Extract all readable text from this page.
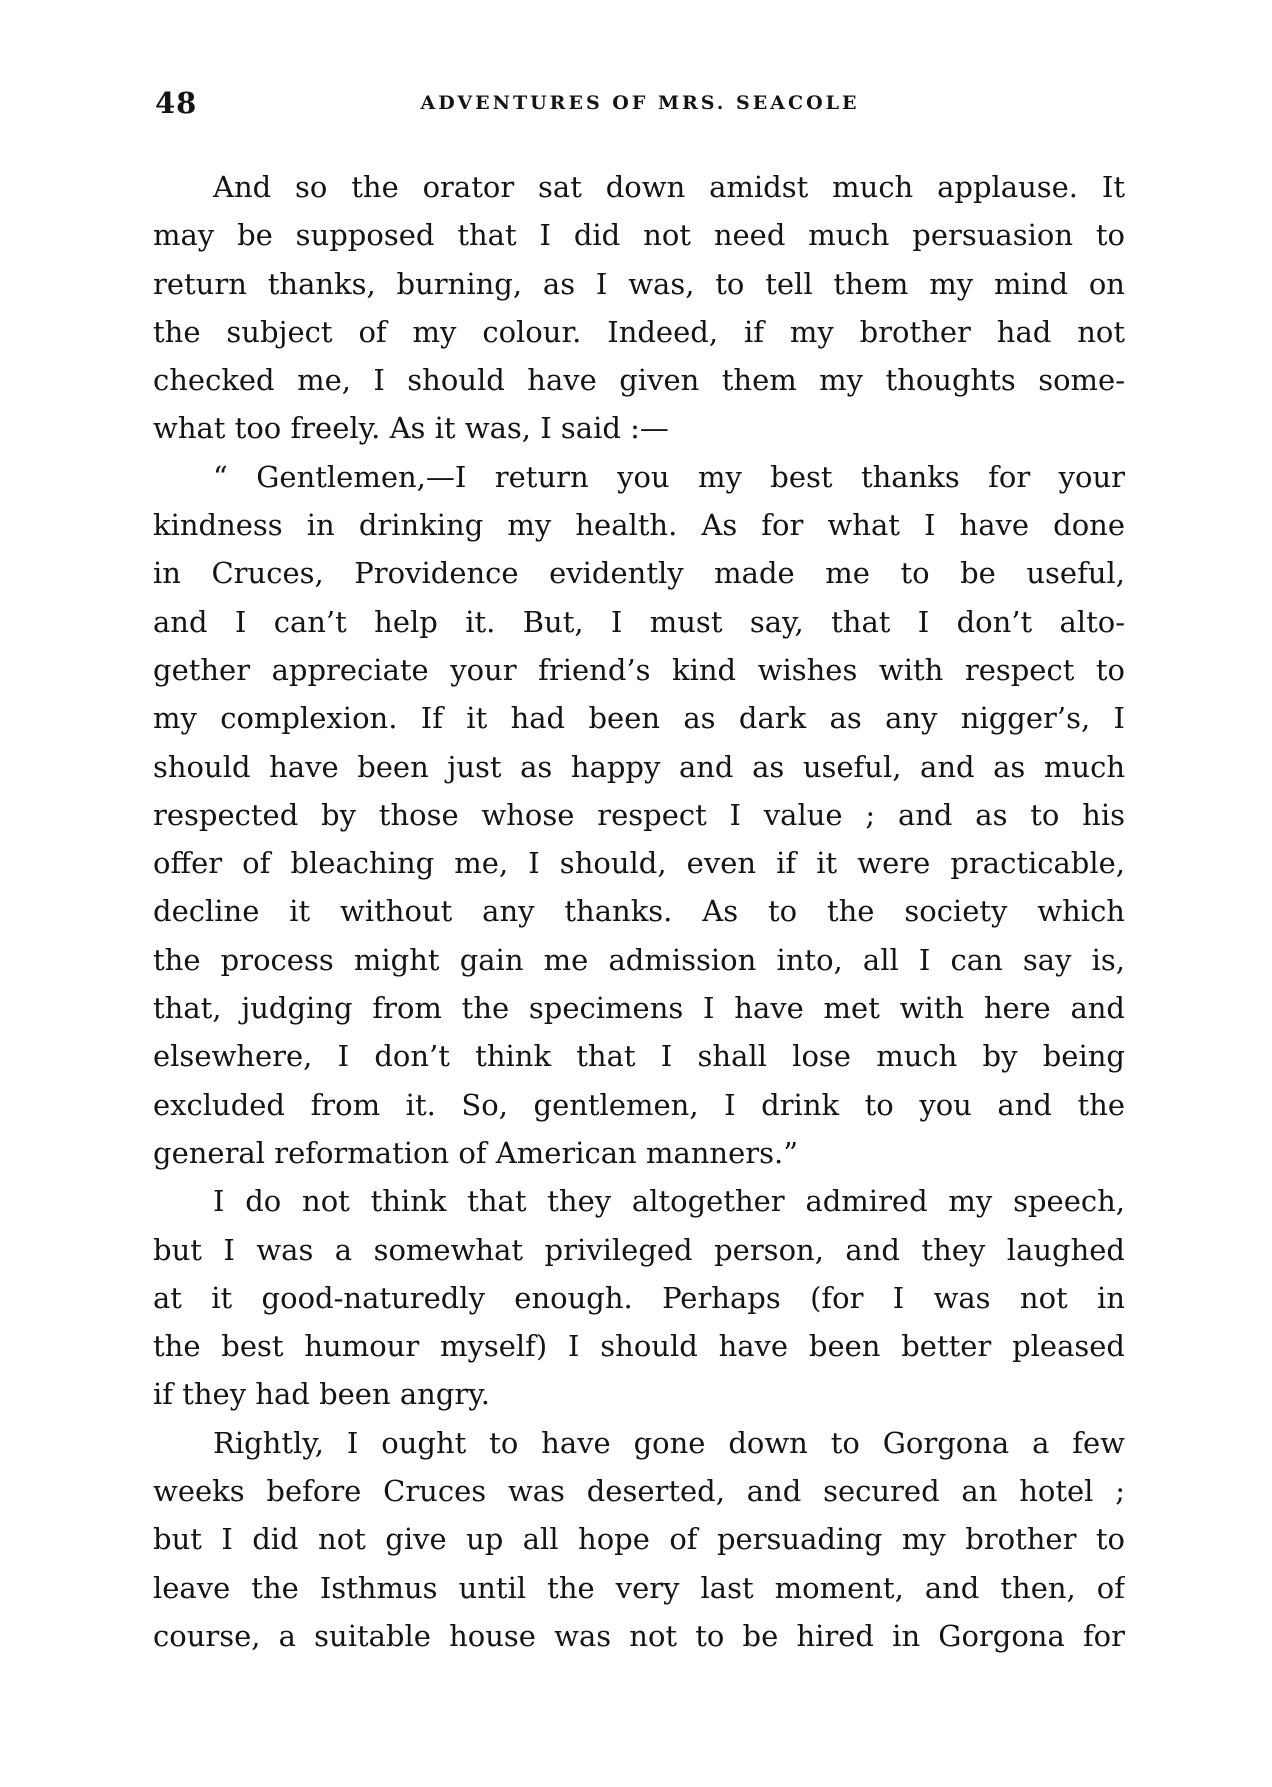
48	ADVENTURES OF MRS. SEACOLE
And so the orator sat down amidst much applause. It
may be supposed that I did not need much persuasion to
return thanks, burning, as I was, to tell them my mind on
the subject of my colour. Indeed, if my brother had not
checked me, I should have given them my thoughts some-
what too freely. As it was, I said :—
“ Gentlemen,—I return you my best thanks for your
kindness in drinking my health. As for what I have done
in Cruces, Providence evidently made me to be useful,
and I can’t help it. But, I must say, that I don’t alto-
gether appreciate your friend’s kind wishes with respect to
my complexion. If it had been as dark as any nigger’s, I
should have been just as happy and as useful, and as much
respected by those whose respect I value ; and as to his
offer of bleaching me, I should, even if it were practicable,
decline it without any thanks. As to the society which
the process might gain me admission into, all I can say is,
that, judging from the specimens I have met with here and
elsewhere, I don’t think that I shall lose much by being
excluded from it. So, gentlemen, I drink to you and the
general reformation of American manners.”
I do not think that they altogether admired my speech,
but I was a somewhat privileged person, and they laughed
at it good-naturedly enough. Perhaps (for I was not in
the best humour myself) I should have been better pleased
if they had been angry.
Rightly, I ought to have gone down to Gorgona a few
weeks before Cruces was deserted, and secured an hotel ;
but I did not give up all hope of persuading my brother to
leave the Isthmus until the very last moment, and then, of
course, a suitable house was not to be hired in Gorgona for
